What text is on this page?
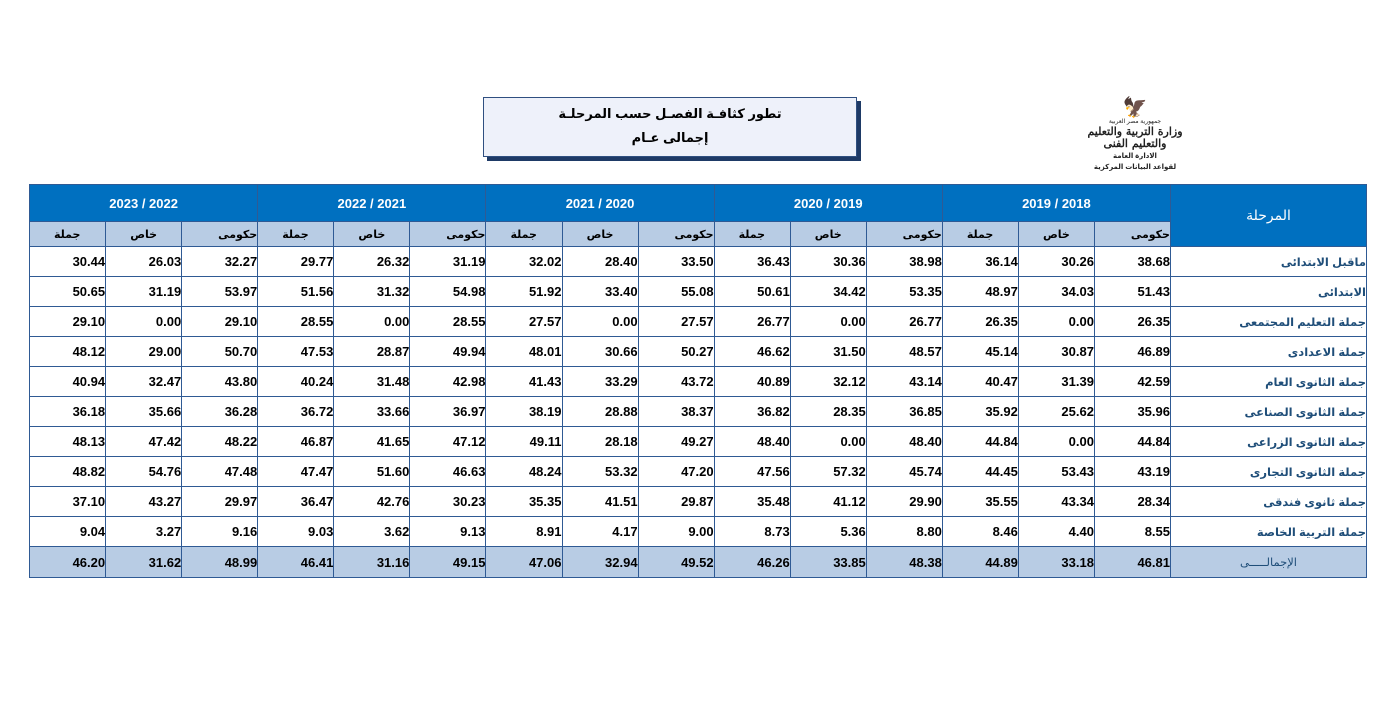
تطور كثافـة الفصـل حسب المرحلـة
إجمالى عـام
🦅
جمهورية مصر العربية
وزارة التربية والتعليم والتعليم الفنى
الادارة العامة
لقواعد البيانات المركزية
المرحلة	2019 / 2018			2020 / 2019			2021 / 2020			2022 / 2021			2023 / 2022		
	حكومى	خاص	جملة	حكومى	خاص	جملة	حكومى	خاص	جملة	حكومى	خاص	جملة	حكومى	خاص	جملة
ماقبل الابتدائى	38.68	30.26	36.14	38.98	30.36	36.43	33.50	28.40	32.02	31.19	26.32	29.77	32.27	26.03	30.44
الابتدائى	51.43	34.03	48.97	53.35	34.42	50.61	55.08	33.40	51.92	54.98	31.32	51.56	53.97	31.19	50.65
جملة التعليم المجتمعى	26.35	0.00	26.35	26.77	0.00	26.77	27.57	0.00	27.57	28.55	0.00	28.55	29.10	0.00	29.10
جملة الاعدادى	46.89	30.87	45.14	48.57	31.50	46.62	50.27	30.66	48.01	49.94	28.87	47.53	50.70	29.00	48.12
جملة الثانوى العام	42.59	31.39	40.47	43.14	32.12	40.89	43.72	33.29	41.43	42.98	31.48	40.24	43.80	32.47	40.94
جملة الثانوى الصناعى	35.96	25.62	35.92	36.85	28.35	36.82	38.37	28.88	38.19	36.97	33.66	36.72	36.28	35.66	36.18
جملة الثانوى الزراعى	44.84	0.00	44.84	48.40	0.00	48.40	49.27	28.18	49.11	47.12	41.65	46.87	48.22	47.42	48.13
جملة الثانوى التجارى	43.19	53.43	44.45	45.74	57.32	47.56	47.20	53.32	48.24	46.63	51.60	47.47	47.48	54.76	48.82
جملة ثانوى فندقى	28.34	43.34	35.55	29.90	41.12	35.48	29.87	41.51	35.35	30.23	42.76	36.47	29.97	43.27	37.10
جملة التربية الخاصة	8.55	4.40	8.46	8.80	5.36	8.73	9.00	4.17	8.91	9.13	3.62	9.03	9.16	3.27	9.04
الإجمالـــــى	46.81	33.18	44.89	48.38	33.85	46.26	49.52	32.94	47.06	49.15	31.16	46.41	48.99	31.62	46.20
